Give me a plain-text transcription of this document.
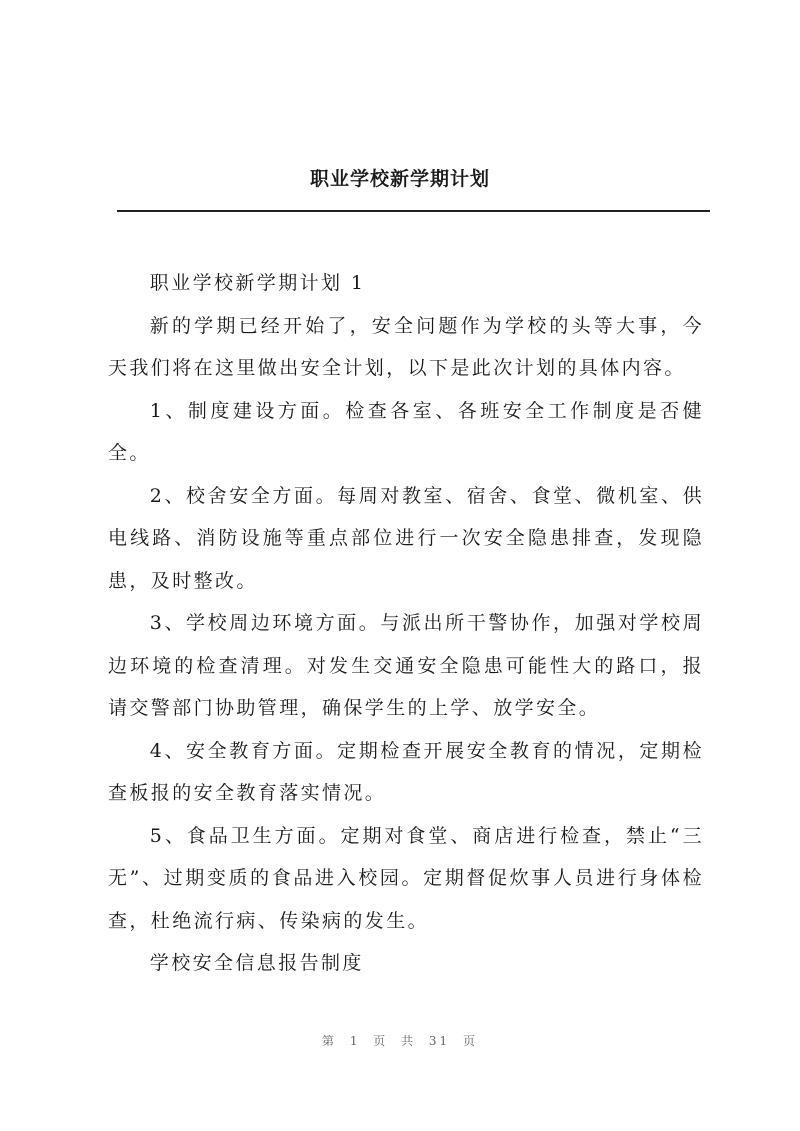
职业学校新学期计划

职业学校新学期计划 1

新的学期已经开始了，安全问题作为学校的头等大事，今天我们将在这里做出安全计划，以下是此次计划的具体内容。

1、制度建设方面。检查各室、各班安全工作制度是否健全。

2、校舍安全方面。每周对教室、宿舍、食堂、微机室、供电线路、消防设施等重点部位进行一次安全隐患排查，发现隐患，及时整改。

3、学校周边环境方面。与派出所干警协作，加强对学校周边环境的检查清理。对发生交通安全隐患可能性大的路口，报请交警部门协助管理，确保学生的上学、放学安全。

4、安全教育方面。定期检查开展安全教育的情况，定期检查板报的安全教育落实情况。

5、食品卫生方面。定期对食堂、商店进行检查，禁止“三无”、过期变质的食品进入校园。定期督促炊事人员进行身体检查，杜绝流行病、传染病的发生。

学校安全信息报告制度

第 1 页 共 31 页
